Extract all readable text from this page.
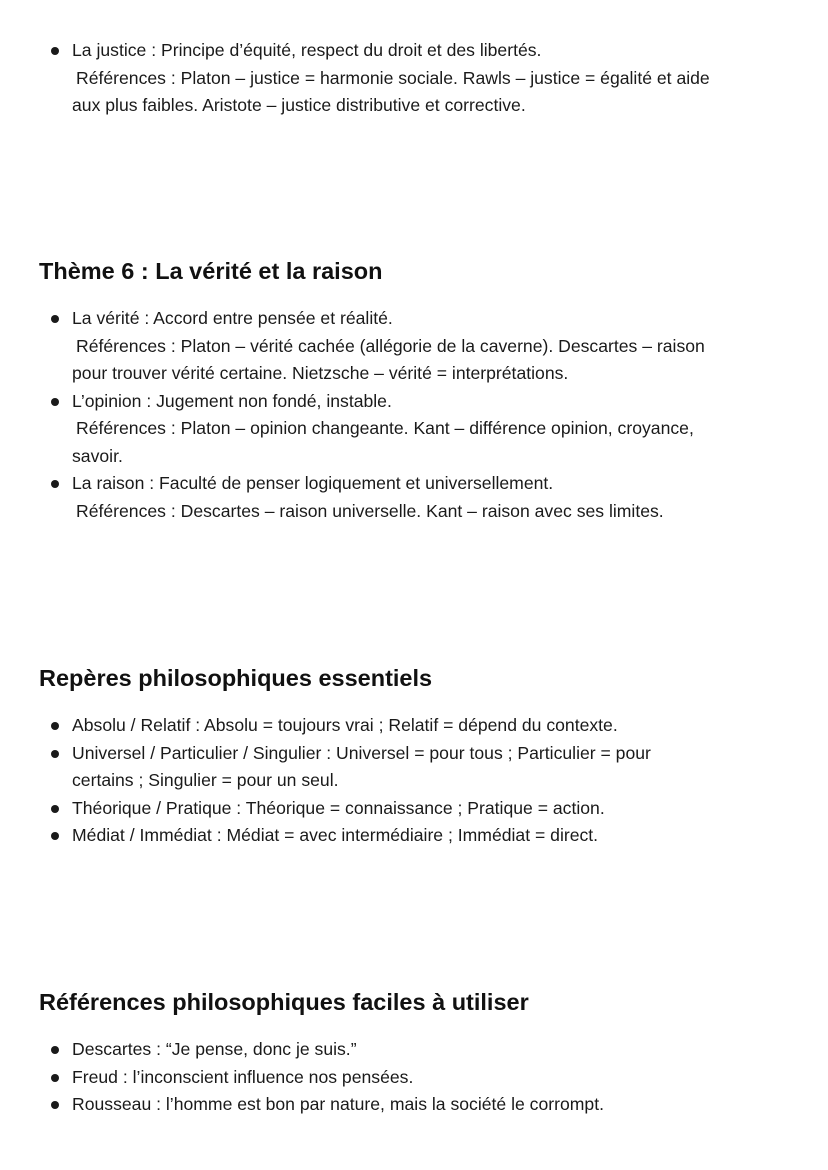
La justice : Principe d’équité, respect du droit et des libertés.
Références : Platon – justice = harmonie sociale. Rawls – justice = égalité et aide
aux plus faibles. Aristote – justice distributive et corrective.
Thème 6 : La vérité et la raison
La vérité : Accord entre pensée et réalité.
Références : Platon – vérité cachée (allégorie de la caverne). Descartes – raison
pour trouver vérité certaine. Nietzsche – vérité = interprétations.
L’opinion : Jugement non fondé, instable.
Références : Platon – opinion changeante. Kant – différence opinion, croyance,
savoir.
La raison : Faculté de penser logiquement et universellement.
Références : Descartes – raison universelle. Kant – raison avec ses limites.
Repères philosophiques essentiels
Absolu / Relatif : Absolu = toujours vrai ; Relatif = dépend du contexte.
Universel / Particulier / Singulier : Universel = pour tous ; Particulier = pour
certains ; Singulier = pour un seul.
Théorique / Pratique : Théorique = connaissance ; Pratique = action.
Médiat / Immédiat : Médiat = avec intermédiaire ; Immédiat = direct.
Références philosophiques faciles à utiliser
Descartes : “Je pense, donc je suis.”
Freud : l’inconscient influence nos pensées.
Rousseau : l’homme est bon par nature, mais la société le corrompt.
